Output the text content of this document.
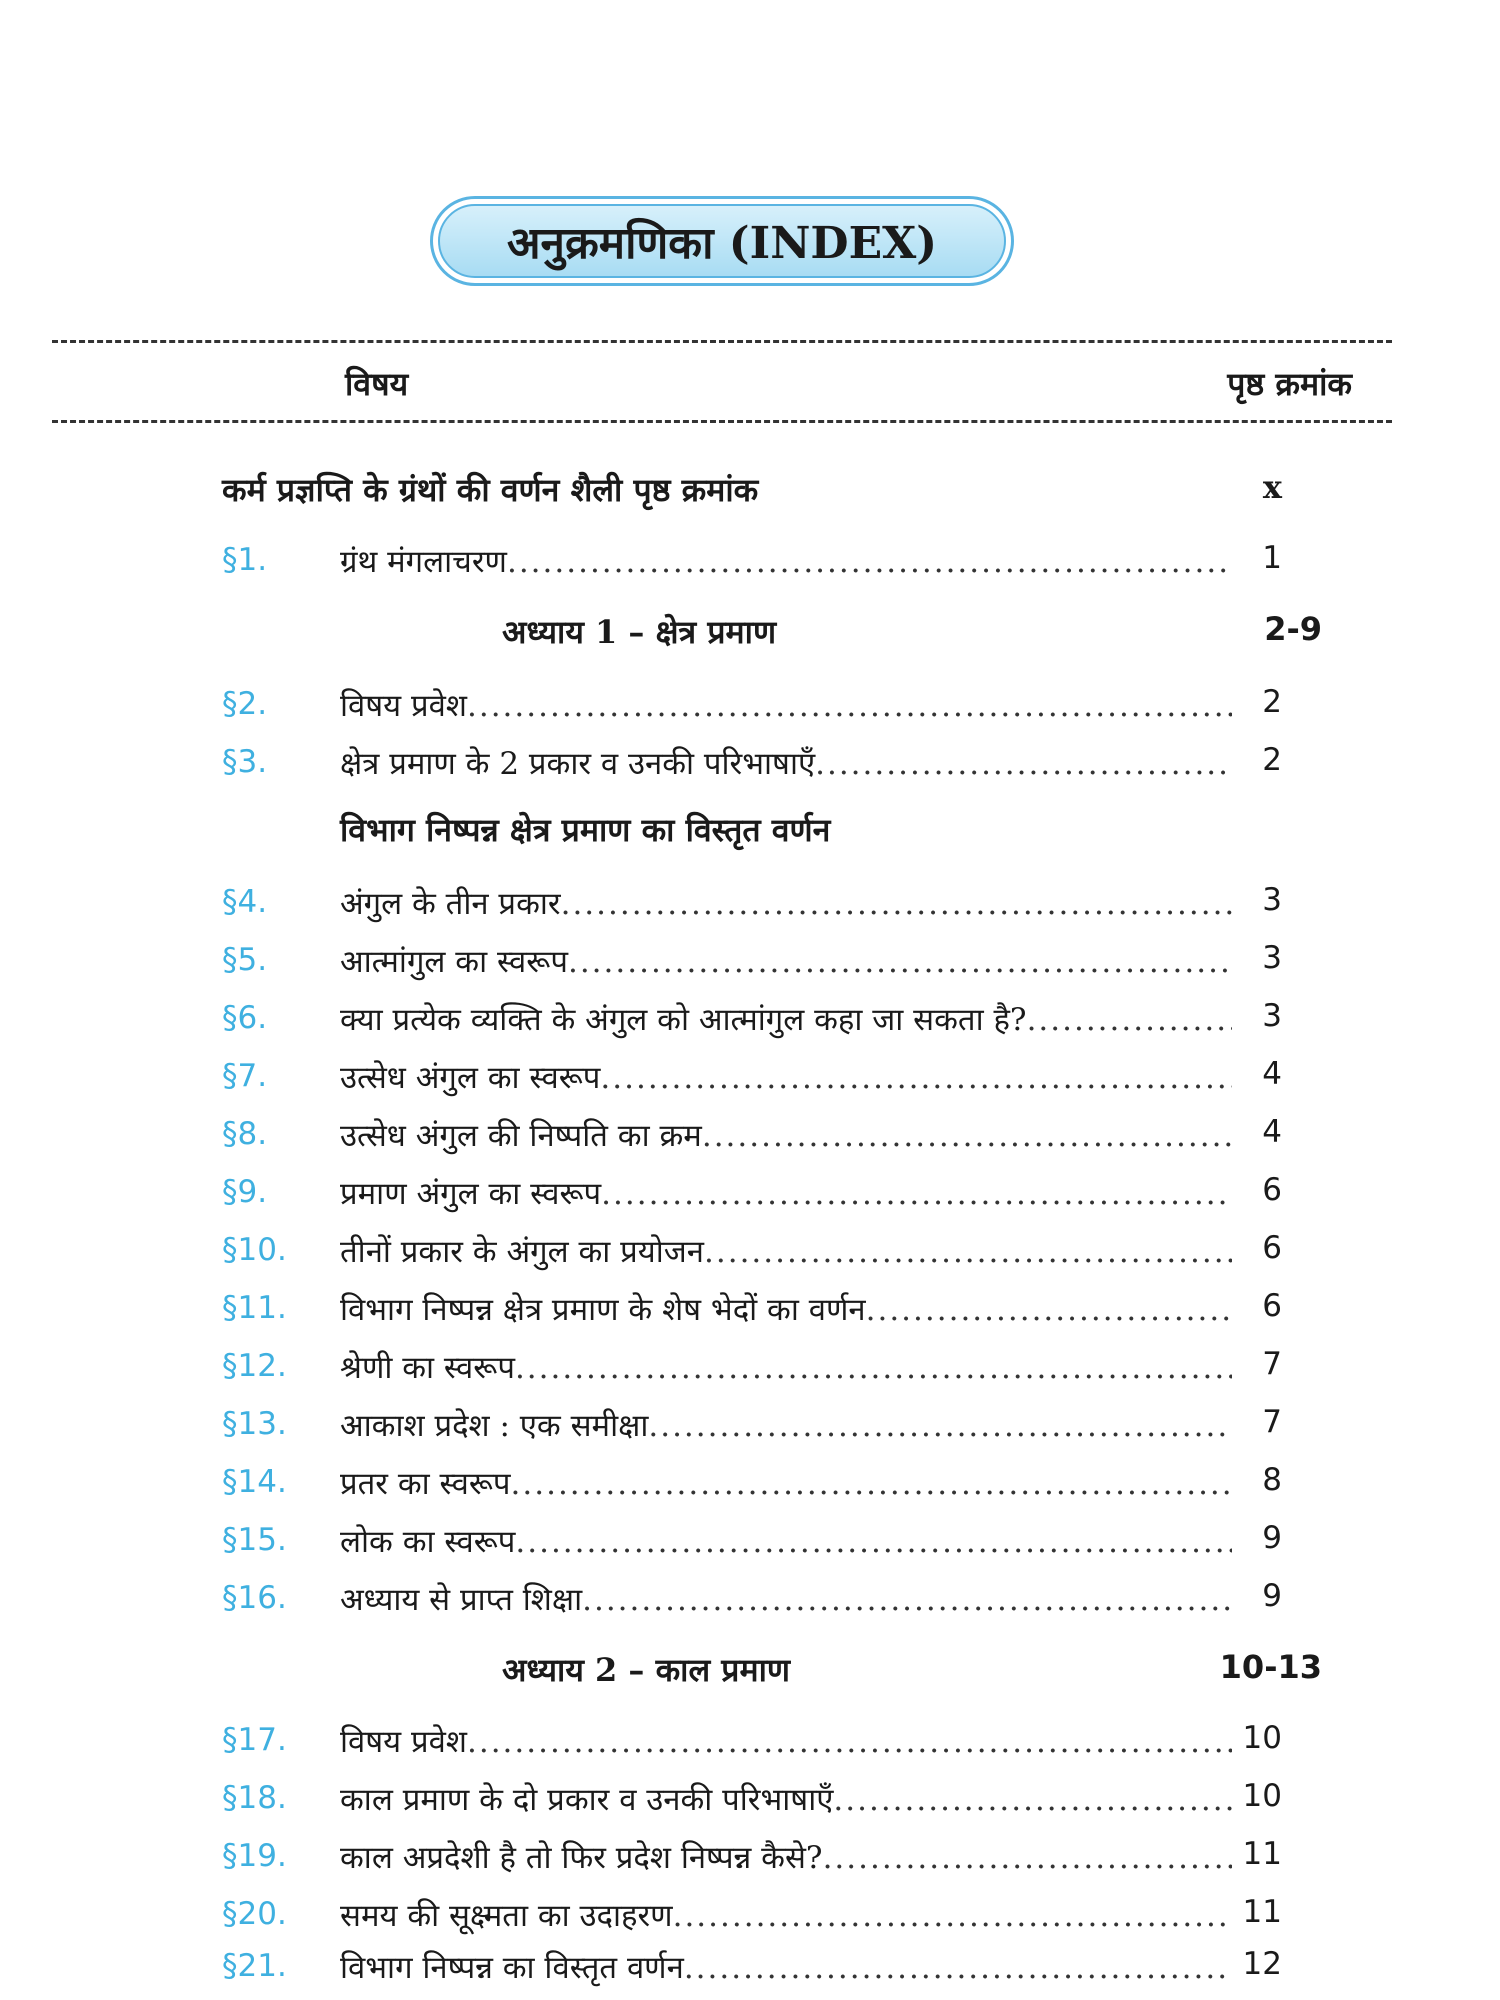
अनुक्रमणिका (INDEX)
विषय	पृष्ठ क्रमांक
कर्म प्रज्ञप्ति के ग्रंथों की वर्णन शैली पृष्ठ क्रमांक	x
§1. ग्रंथ मंगलाचरण .....	1
अध्याय 1 – क्षेत्र प्रमाण	2-9
§2. विषय प्रवेश .....	2
§3. क्षेत्र प्रमाण के 2 प्रकार व उनकी परिभाषाएँ .....	2
विभाग निष्पन्न क्षेत्र प्रमाण का विस्तृत वर्णन
§4. अंगुल के तीन प्रकार .....	3
§5. आत्मांगुल का स्वरूप .....	3
§6. क्या प्रत्येक व्यक्ति के अंगुल को आत्मांगुल कहा जा सकता है? .....	3
§7. उत्सेध अंगुल का स्वरूप .....	4
§8. उत्सेध अंगुल की निष्पति का क्रम .....	4
§9. प्रमाण अंगुल का स्वरूप .....	6
§10. तीनों प्रकार के अंगुल का प्रयोजन .....	6
§11. विभाग निष्पन्न क्षेत्र प्रमाण के शेष भेदों का वर्णन .....	6
§12. श्रेणी का स्वरूप .....	7
§13. आकाश प्रदेश : एक समीक्षा .....	7
§14. प्रतर का स्वरूप .....	8
§15. लोक का स्वरूप .....	9
§16. अध्याय से प्राप्त शिक्षा .....	9
अध्याय 2 – काल प्रमाण	10-13
§17. विषय प्रवेश .....	10
§18. काल प्रमाण के दो प्रकार व उनकी परिभाषाएँ .....	10
§19. काल अप्रदेशी है तो फिर प्रदेश निष्पन्न कैसे? .....	11
§20. समय की सूक्ष्मता का उदाहरण .....	11
§21. विभाग निष्पन्न का विस्तृत वर्णन .....	12
